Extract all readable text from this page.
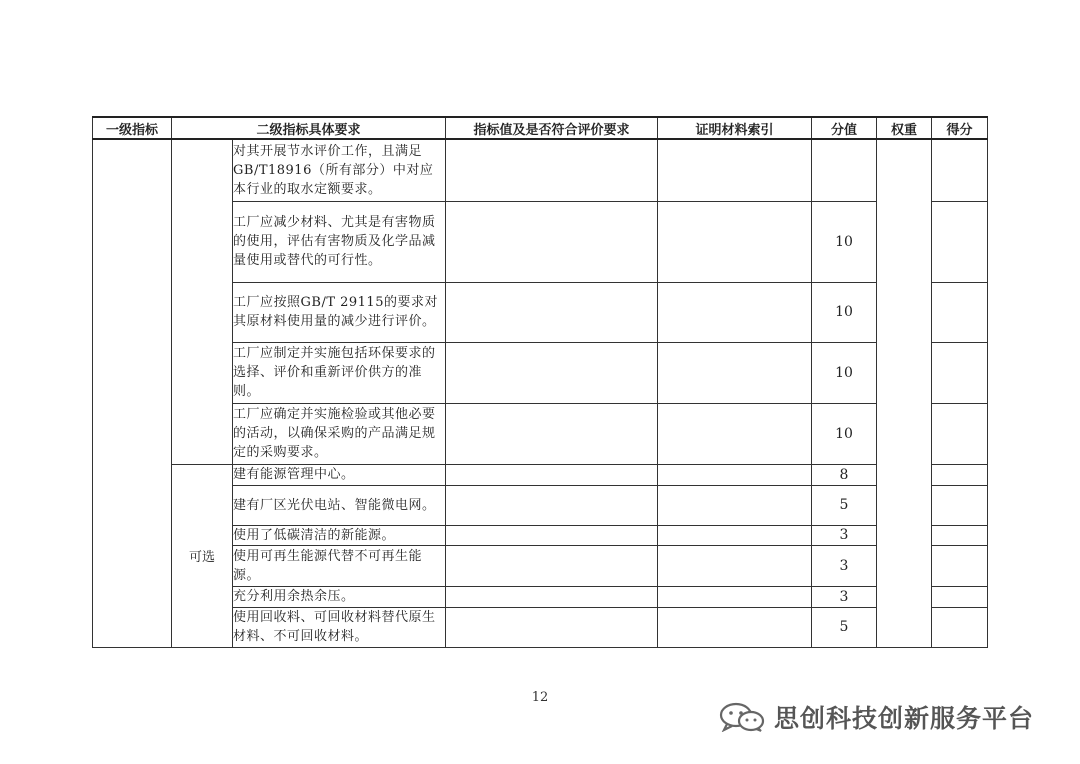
一级指标	二级指标具体要求		指标值及是否符合评价要求	证明材料索引	分值	权重	得分
		对其开展节水评价工作，且满足GB/T18916（所有部分）中对应本行业的取水定额要求。					
		工厂应减少材料、尤其是有害物质的使用，评估有害物质及化学品减量使用或替代的可行性。			10		
		工厂应按照GB/T 29115的要求对其原材料使用量的减少进行评价。			10		
		工厂应制定并实施包括环保要求的选择、评价和重新评价供方的准则。			10		
		工厂应确定并实施检验或其他必要的活动，以确保采购的产品满足规定的采购要求。			10		
	可选	建有能源管理中心。			8		
		建有厂区光伏电站、智能微电网。			5		
		使用了低碳清洁的新能源。			3		
		使用可再生能源代替不可再生能源。			3		
		充分利用余热余压。			3		
		使用回收料、可回收材料替代原生材料、不可回收材料。			5		
12
思创科技创新服务平台
